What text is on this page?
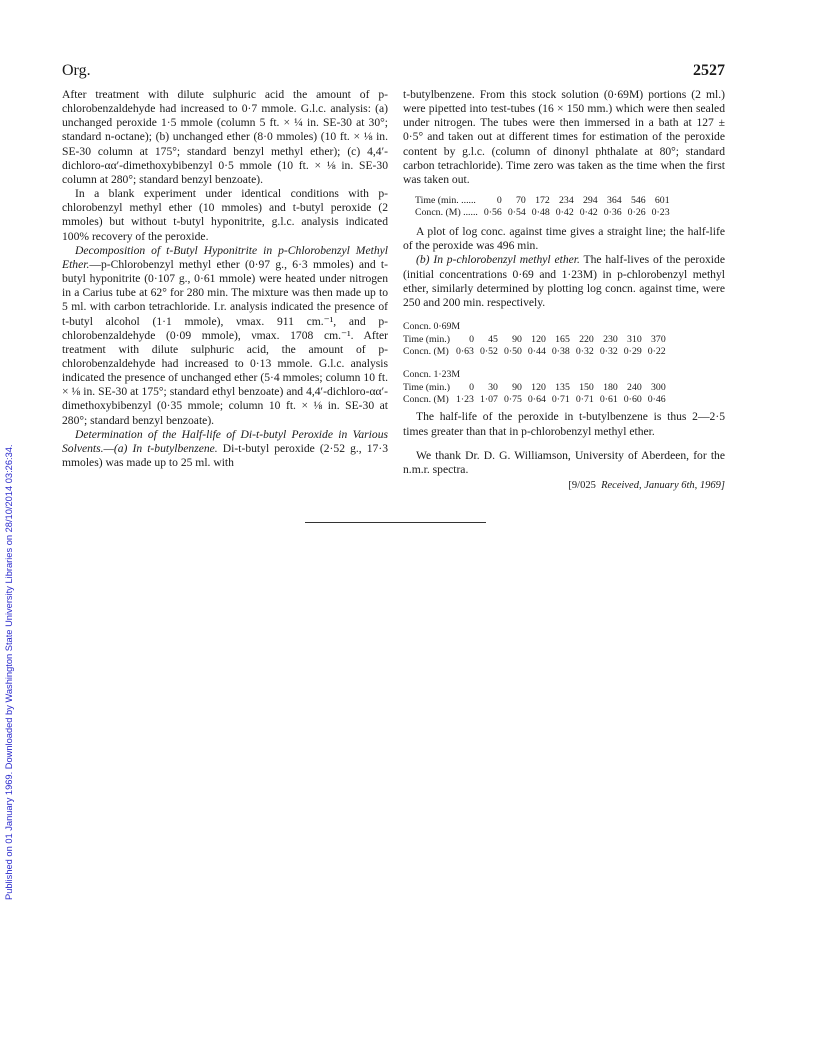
Published on 01 January 1969. Downloaded by Washington State University Libraries on 28/10/2014 03:26:34.
Org.	2527

After treatment with dilute sulphuric acid the amount of p-chlorobenzaldehyde had increased to 0·7 mmole. G.l.c. analysis: (a) unchanged peroxide 1·5 mmole (column 5 ft. × ¼ in. SE-30 at 30°; standard n-octane); (b) unchanged ether (8·0 mmoles) (10 ft. × ⅛ in. SE-30 column at 175°; standard benzyl methyl ether); (c) 4,4′-dichloro-αα′-dimethoxybibenzyl 0·5 mmole (10 ft. × ⅛ in. SE-30 column at 280°; standard benzyl benzoate).

In a blank experiment under identical conditions with p-chlorobenzyl methyl ether (10 mmoles) and t-butyl peroxide (2 mmoles) but without t-butyl hyponitrite, g.l.c. analysis indicated 100% recovery of the peroxide.

Decomposition of t-Butyl Hyponitrite in p-Chlorobenzyl Methyl Ether.—p-Chlorobenzyl methyl ether (0·97 g., 6·3 mmoles) and t-butyl hyponitrite (0·107 g., 0·61 mmole) were heated under nitrogen in a Carius tube at 62° for 280 min. The mixture was then made up to 5 ml. with carbon tetrachloride. I.r. analysis indicated the presence of t-butyl alcohol (1·1 mmole), νmax. 911 cm.⁻¹, and p-chlorobenzaldehyde (0·09 mmole), νmax. 1708 cm.⁻¹. After treatment with dilute sulphuric acid, the amount of p-chlorobenzaldehyde had increased to 0·13 mmole. G.l.c. analysis indicated the presence of unchanged ether (5·4 mmoles; column 10 ft. × ⅛ in. SE-30 at 175°; standard ethyl benzoate) and 4,4′-dichloro-αα′-dimethoxybibenzyl (0·35 mmole; column 10 ft. × ⅛ in. SE-30 at 280°; standard benzyl benzoate).

Determination of the Half-life of Di-t-butyl Peroxide in Various Solvents.—(a) In t-butylbenzene. Di-t-butyl peroxide (2·52 g., 17·3 mmoles) was made up to 25 ml. with

t-butylbenzene. From this stock solution (0·69M) portions (2 ml.) were pipetted into test-tubes (16 × 150 mm.) which were then sealed under nitrogen. The tubes were then immersed in a bath at 127 ± 0·5° and taken out at different times for estimation of the peroxide content by g.l.c. (column of dinonyl phthalate at 80°; standard carbon tetrachloride). Time zero was taken as the time when the first was taken out.

Time (min. ......	0	70	172	234	294	364	546	601
Concn. (M) ......	0·56	0·54	0·48	0·42	0·42	0·36	0·26	0·23

A plot of log conc. against time gives a straight line; the half-life of the peroxide was 496 min.

(b) In p-chlorobenzyl methyl ether. The half-lives of the peroxide (initial concentrations 0·69 and 1·23M) in p-chlorobenzyl methyl ether, similarly determined by plotting log concn. against time, were 250 and 200 min. respectively.

Concn. 0·69M
Time (min.)	0	45	90	120	165	220	230	310	370
Concn. (M)	0·63	0·52	0·50	0·44	0·38	0·32	0·32	0·29	0·22
Concn. 1·23M
Time (min.)	0	30	90	120	135	150	180	240	300
Concn. (M)	1·23	1·07	0·75	0·64	0·71	0·71	0·61	0·60	0·46

The half-life of the peroxide in t-butylbenzene is thus 2—2·5 times greater than that in p-chlorobenzyl methyl ether.

We thank Dr. D. G. Williamson, University of Aberdeen, for the n.m.r. spectra.

[9/025 Received, January 6th, 1969]
